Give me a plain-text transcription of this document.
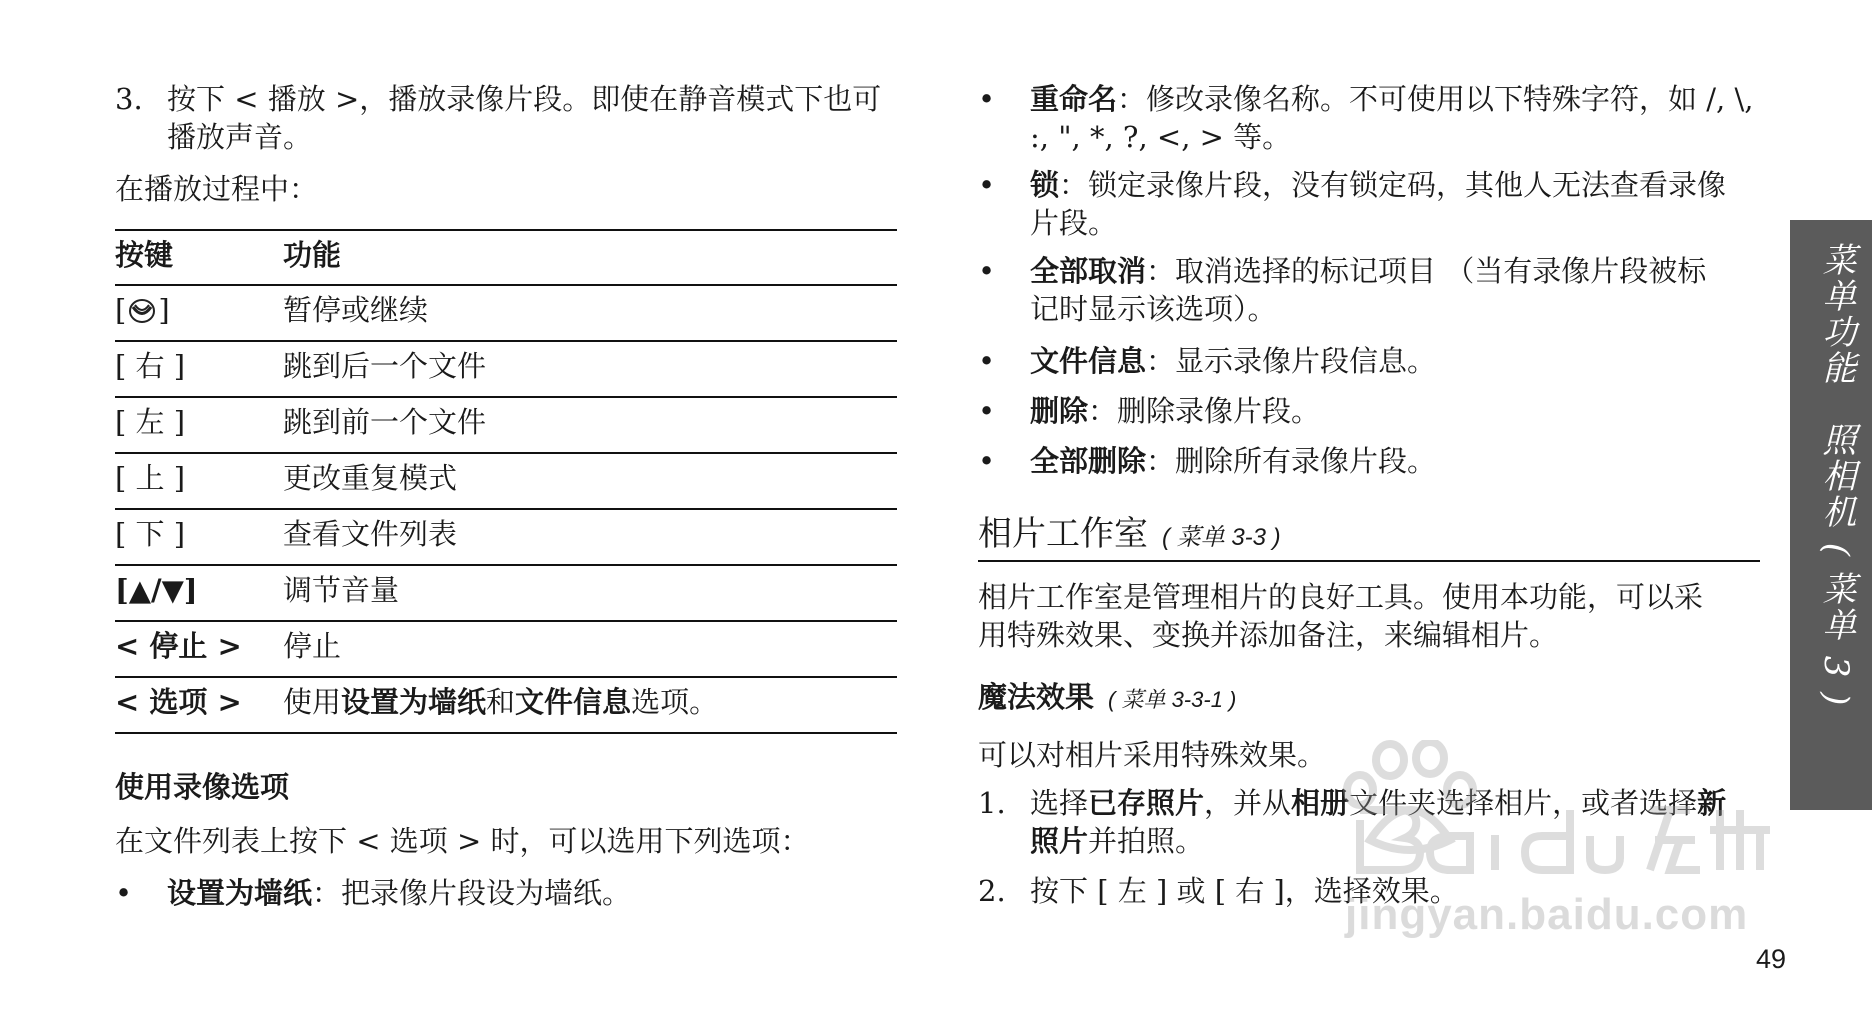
3. 按下 < 播放 >，播放录像片段。即使在静音模式下也可
播放声音。
在播放过程中：
按键	功能
[ ]	暂停或继续
[ 右 ]	跳到后一个文件
[ 左 ]	跳到前一个文件
[ 上 ]	更改重复模式
[ 下 ]	查看文件列表
[▲/▼]	调节音量
< 停止 > 停止
< 选项 > 使用设置为墙纸和文件信息选项。
使用录像选项
在文件列表上按下 < 选项 > 时，可以选用下列选项：
• 设置为墙纸：把录像片段设为墙纸。
• 重命名：修改录像名称。不可使用以下特殊字符，如 /, \,
:, ", *, ?, <, > 等。
• 锁：锁定录像片段，没有锁定码，其他人无法查看录像
片段。
• 全部取消：取消选择的标记项目 （当有录像片段被标
记时显示该选项）。
• 文件信息：显示录像片段信息。
• 删除：删除录像片段。
• 全部删除：删除所有录像片段。
相片工作室 ( 菜单 3-3 )
相片工作室是管理相片的良好工具。使用本功能，可以采
用特殊效果、变换并添加备注，来编辑相片。
魔法效果 ( 菜单 3-3-1 )
可以对相片采用特殊效果。
1. 选择已存照片，并从相册文件夹选择相片，或者选择新
照片并拍照。
2. 按下 [ 左 ] 或 [ 右 ]，选择效果。
菜单功能　照相机 ( 菜单 3 )
jingyan.baidu.com
49
